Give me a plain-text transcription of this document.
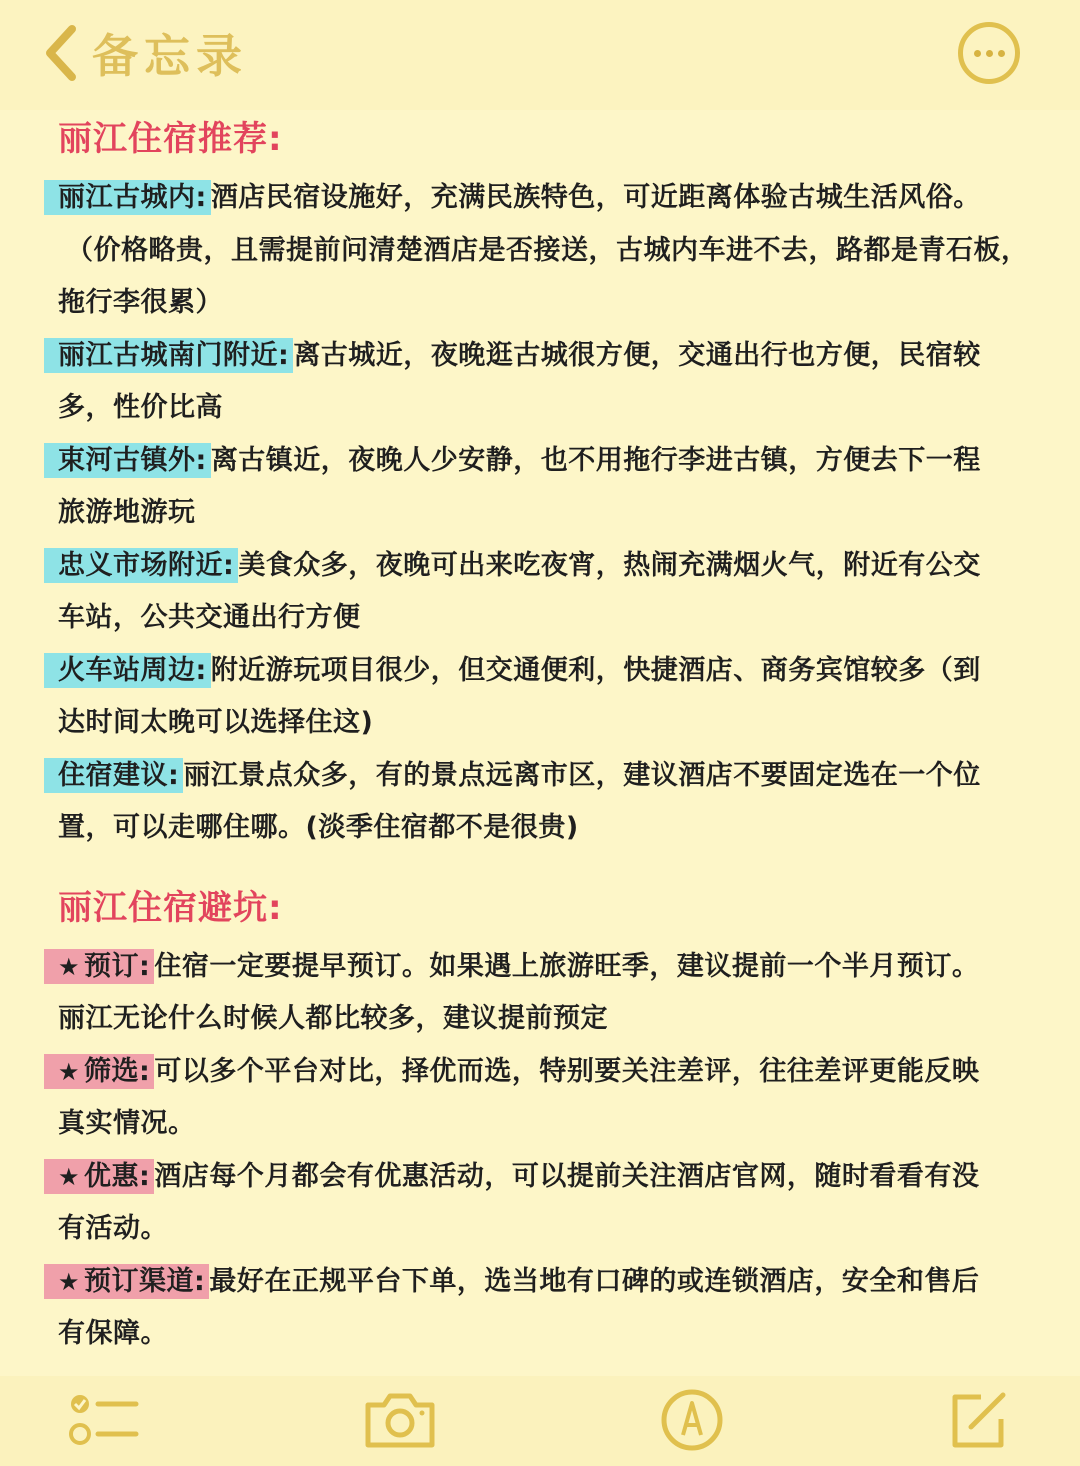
备忘录
丽江住宿推荐:

丽江古城内: 酒店民宿设施好，充满民族特色，可近距离体验古城生活风俗。

（价格略贵，且需提前问清楚酒店是否接送，古城内车进不去，路都是青石板，

拖行李很累）

丽江古城南门附近: 离古城近，夜晚逛古城很方便，交通出行也方便，民宿较

多，性价比高

束河古镇外: 离古镇近，夜晚人少安静，也不用拖行李进古镇，方便去下一程

旅游地游玩

忠义市场附近: 美食众多，夜晚可出来吃夜宵，热闹充满烟火气，附近有公交

车站，公共交通出行方便

火车站周边: 附近游玩项目很少，但交通便利，快捷酒店、商务宾馆较多（到

达时间太晚可以选择住这)

住宿建议: 丽江景点众多，有的景点远离市区，建议酒店不要固定选在一个位

置，可以走哪住哪。(淡季住宿都不是很贵)

丽江住宿避坑:

★ 预订: 住宿一定要提早预订。如果遇上旅游旺季，建议提前一个半月预订。

丽江无论什么时候人都比较多，建议提前预定

★ 筛选: 可以多个平台对比，择优而选，特别要关注差评，往往差评更能反映

真实情况。

★ 优惠: 酒店每个月都会有优惠活动，可以提前关注酒店官网，随时看看有没

有活动。

★ 预订渠道: 最好在正规平台下单，选当地有口碑的或连锁酒店，安全和售后

有保障。
